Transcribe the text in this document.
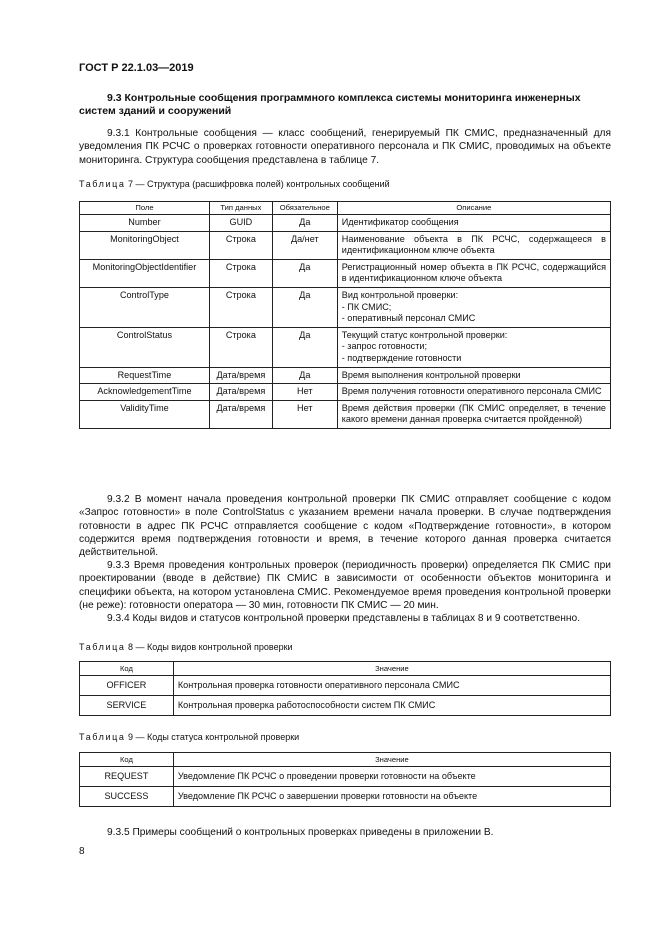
ГОСТ Р 22.1.03—2019
9.3 Контрольные сообщения программного комплекса системы мониторинга инженерных систем зданий и сооружений
9.3.1 Контрольные сообщения — класс сообщений, генерируемый ПК СМИС, предназначенный для уведомления ПК РСЧС о проверках готовности оперативного персонала и ПК СМИС, проводимых на объекте мониторинга. Структура сообщения представлена в таблице 7.
Таблица 7 — Структура (расшифровка полей) контрольных сообщений
Поле	Тип данных	Обязательное	Описание
Number	GUID	Да	Идентификатор сообщения
MonitoringObject	Строка	Да/нет	Наименование объекта в ПК РСЧС, содержащееся в идентификационном ключе объекта
MonitoringObjectIdentifier	Строка	Да	Регистрационный номер объекта в ПК РСЧС, содержащийся в идентификационном ключе объекта
ControlType	Строка	Да	Вид контрольной проверки:
- ПК СМИС;
- оперативный персонал СМИС
ControlStatus	Строка	Да	Текущий статус контрольной проверки:
- запрос готовности;
- подтверждение готовности
RequestTime	Дата/время	Да	Время выполнения контрольной проверки
AcknowledgementTime	Дата/время	Нет	Время получения готовности оперативного персонала СМИС
ValidityTime	Дата/время	Нет	Время действия проверки (ПК СМИС определяет, в течение какого времени данная проверка считается пройденной)
9.3.2 В момент начала проведения контрольной проверки ПК СМИС отправляет сообщение с кодом «Запрос готовности» в поле ControlStatus с указанием времени начала проверки. В случае подтверждения готовности в адрес ПК РСЧС отправляется сообщение с кодом «Подтверждение готовности», в котором содержится время подтверждения готовности и время, в течение которого данная проверка считается действительной.
9.3.3 Время проведения контрольных проверок (периодичность проверки) определяется ПК СМИС при проектировании (вводе в действие) ПК СМИС в зависимости от особенности объектов мониторинга и специфики объекта, на котором установлена СМИС. Рекомендуемое время проведения контрольной проверки (не реже): готовности оператора — 30 мин, готовности ПК СМИС — 20 мин.
9.3.4 Коды видов и статусов контрольной проверки представлены в таблицах 8 и 9 соответственно.
Таблица 8 — Коды видов контрольной проверки
Код	Значение
OFFICER	Контрольная проверка готовности оперативного персонала СМИС
SERVICE	Контрольная проверка работоспособности систем ПК СМИС
Таблица 9 — Коды статуса контрольной проверки
Код	Значение
REQUEST	Уведомление ПК РСЧС о проведении проверки готовности на объекте
SUCCESS	Уведомление ПК РСЧС о завершении проверки готовности на объекте
9.3.5 Примеры сообщений о контрольных проверках приведены в приложении В.
8
